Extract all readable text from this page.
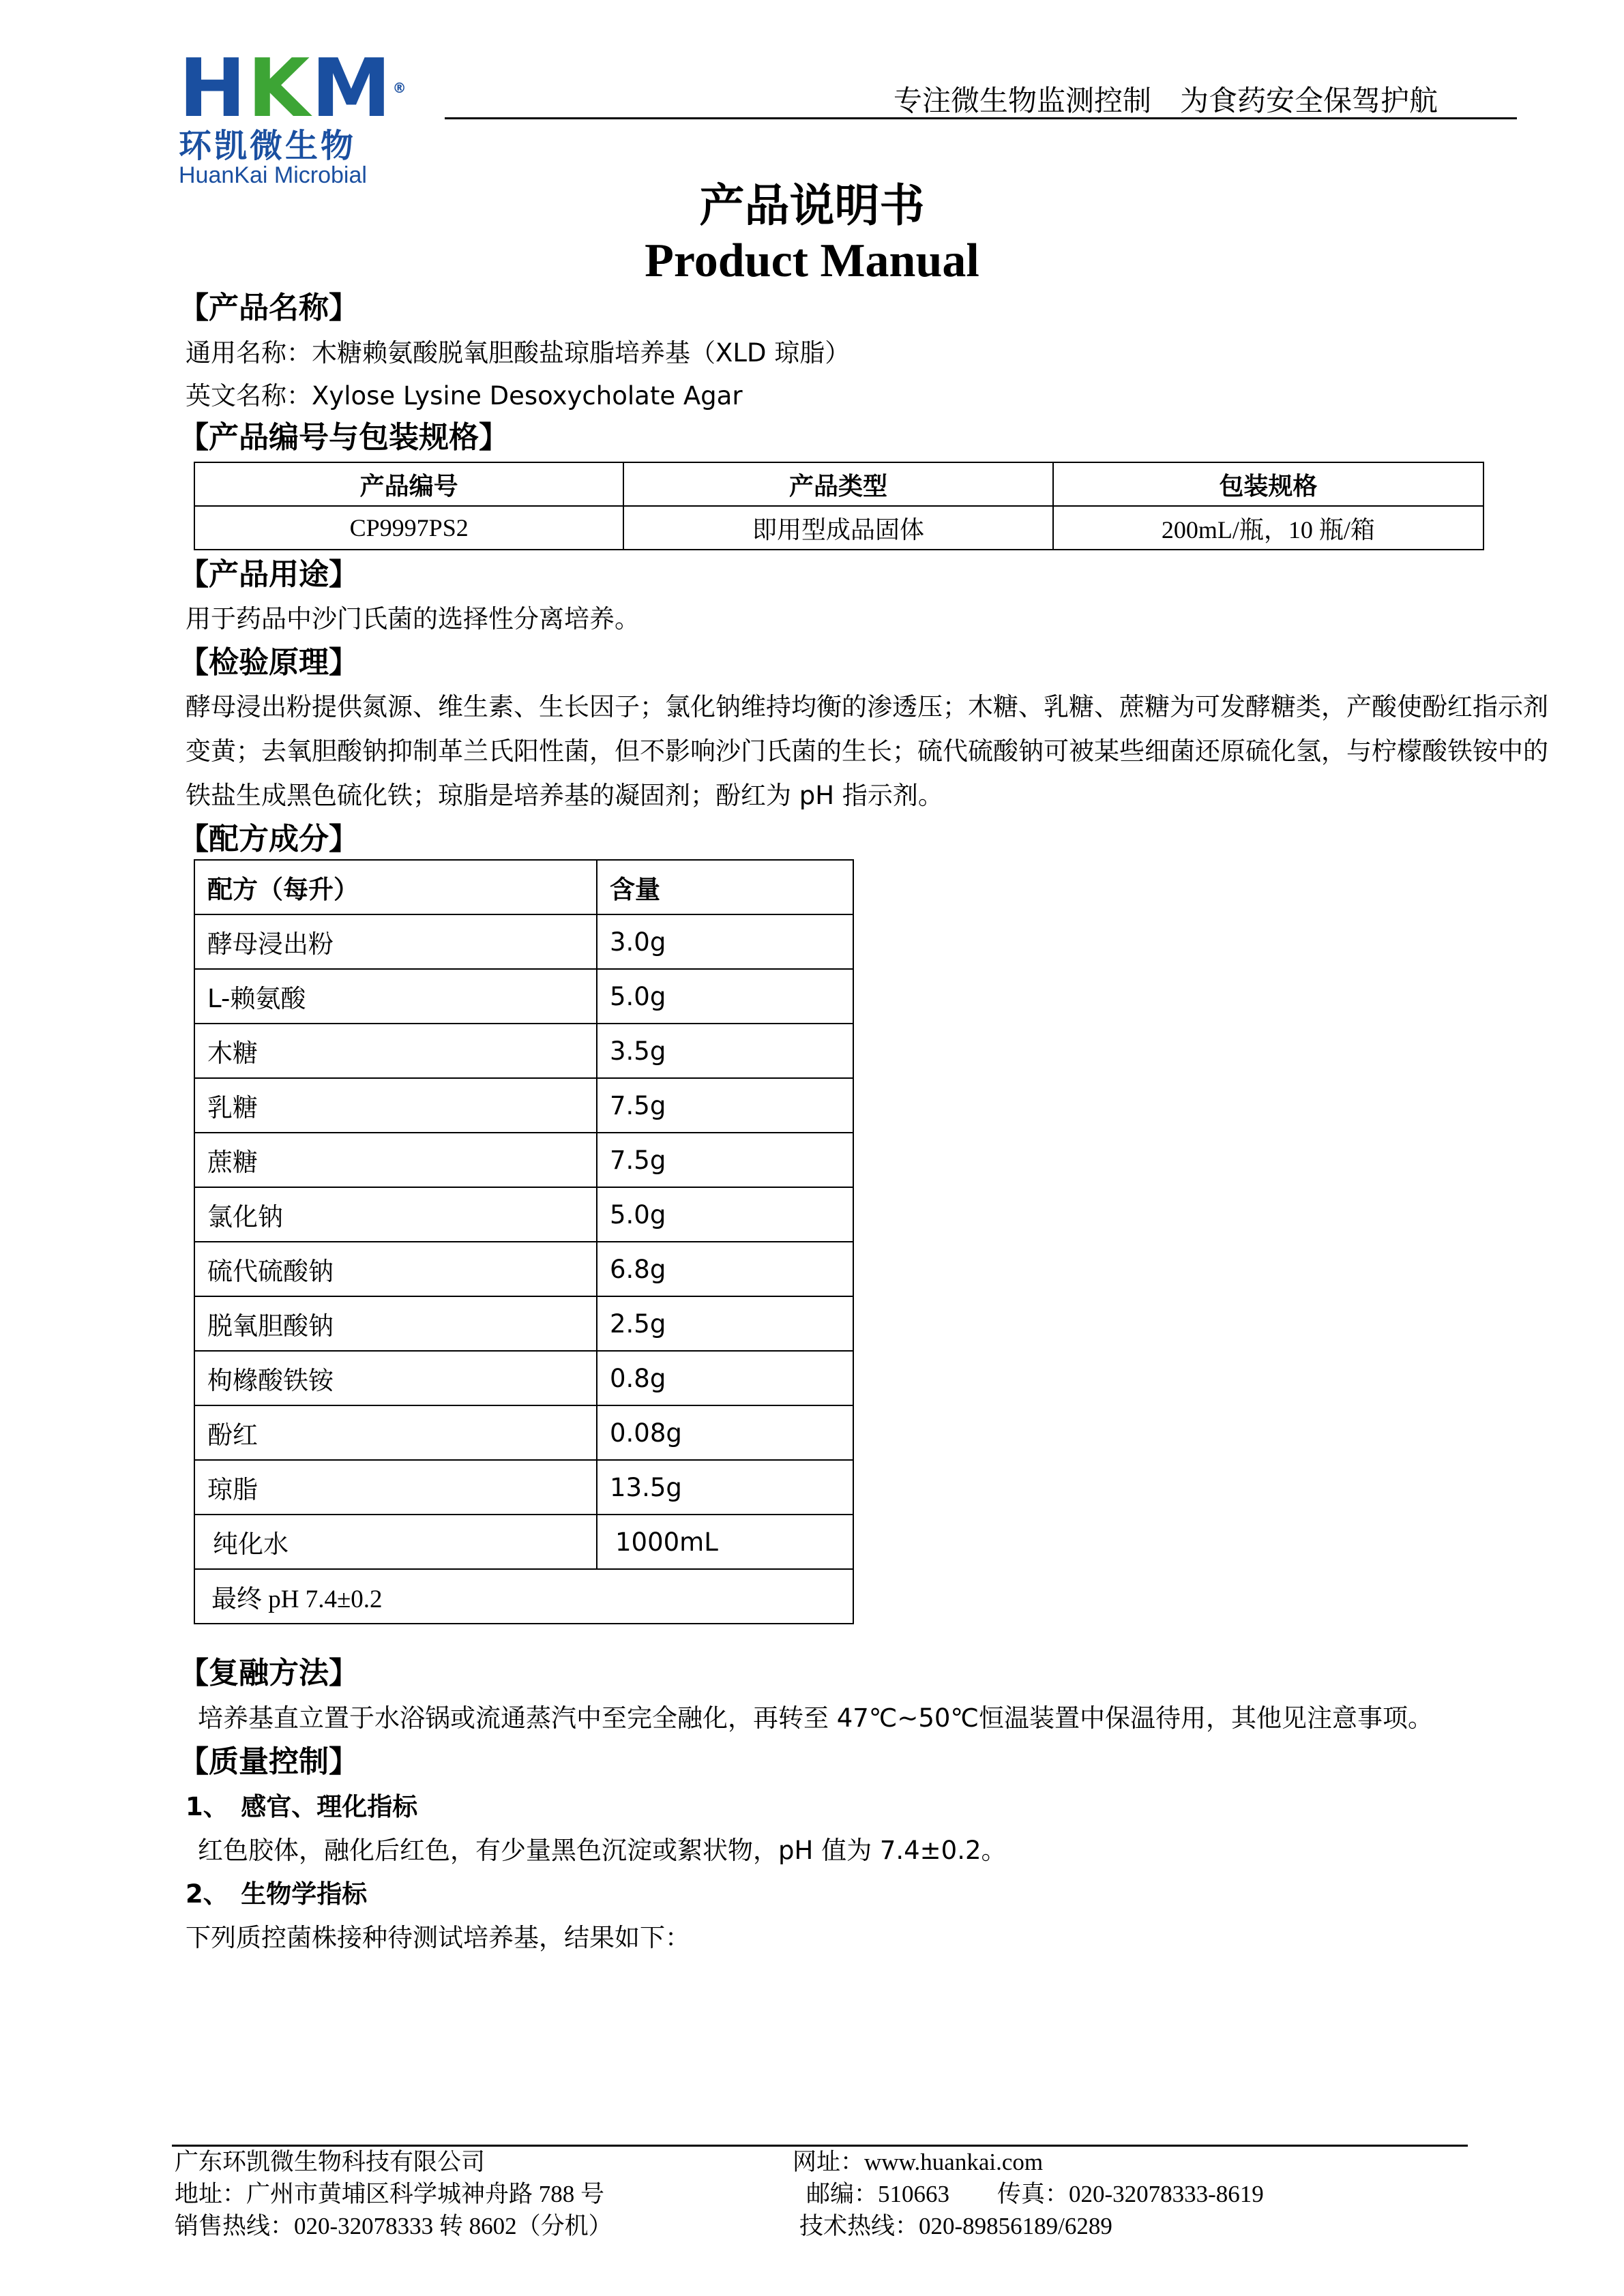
H K M ®
环凯微生物
HuanKai Microbial
专注微生物监测控制　为食药安全保驾护航
产品说明书
Product Manual
【产品名称】
通用名称：木糖赖氨酸脱氧胆酸盐琼脂培养基（XLD 琼脂）
英文名称：Xylose Lysine Desoxycholate Agar
【产品编号与包装规格】
产品编号	产品类型	包装规格
CP9997PS2	即用型成品固体	200mL/瓶，10 瓶/箱
【产品用途】
用于药品中沙门氏菌的选择性分离培养。
【检验原理】
酵母浸出粉提供氮源、维生素、生长因子；氯化钠维持均衡的渗透压；木糖、乳糖、蔗糖为可发酵糖类，产酸使酚红指示剂
变黄；去氧胆酸钠抑制革兰氏阳性菌，但不影响沙门氏菌的生长；硫代硫酸钠可被某些细菌还原硫化氢，与柠檬酸铁铵中的
铁盐生成黑色硫化铁；琼脂是培养基的凝固剂；酚红为 pH 指示剂。
【配方成分】
配方（每升）	含量
酵母浸出粉	3.0g
L-赖氨酸	5.0g
木糖	3.5g
乳糖	7.5g
蔗糖	7.5g
氯化钠	5.0g
硫代硫酸钠	6.8g
脱氧胆酸钠	2.5g
枸橼酸铁铵	0.8g
酚红	0.08g
琼脂	13.5g
纯化水	1000mL
最终 pH 7.4±0.2	
【复融方法】
培养基直立置于水浴锅或流通蒸汽中至完全融化，再转至 47℃~50℃恒温装置中保温待用，其他见注意事项。
【质量控制】
1、　感官、理化指标
红色胶体，融化后红色，有少量黑色沉淀或絮状物，pH 值为 7.4±0.2。
2、　生物学指标
下列质控菌株接种待测试培养基，结果如下：
广东环凯微生物科技有限公司
地址：广州市黄埔区科学城神舟路 788 号
销售热线：020-32078333 转 8602（分机）
网址：www.huankai.com
邮编：510663　　传真：020-32078333-8619
技术热线：020-89856189/6289
